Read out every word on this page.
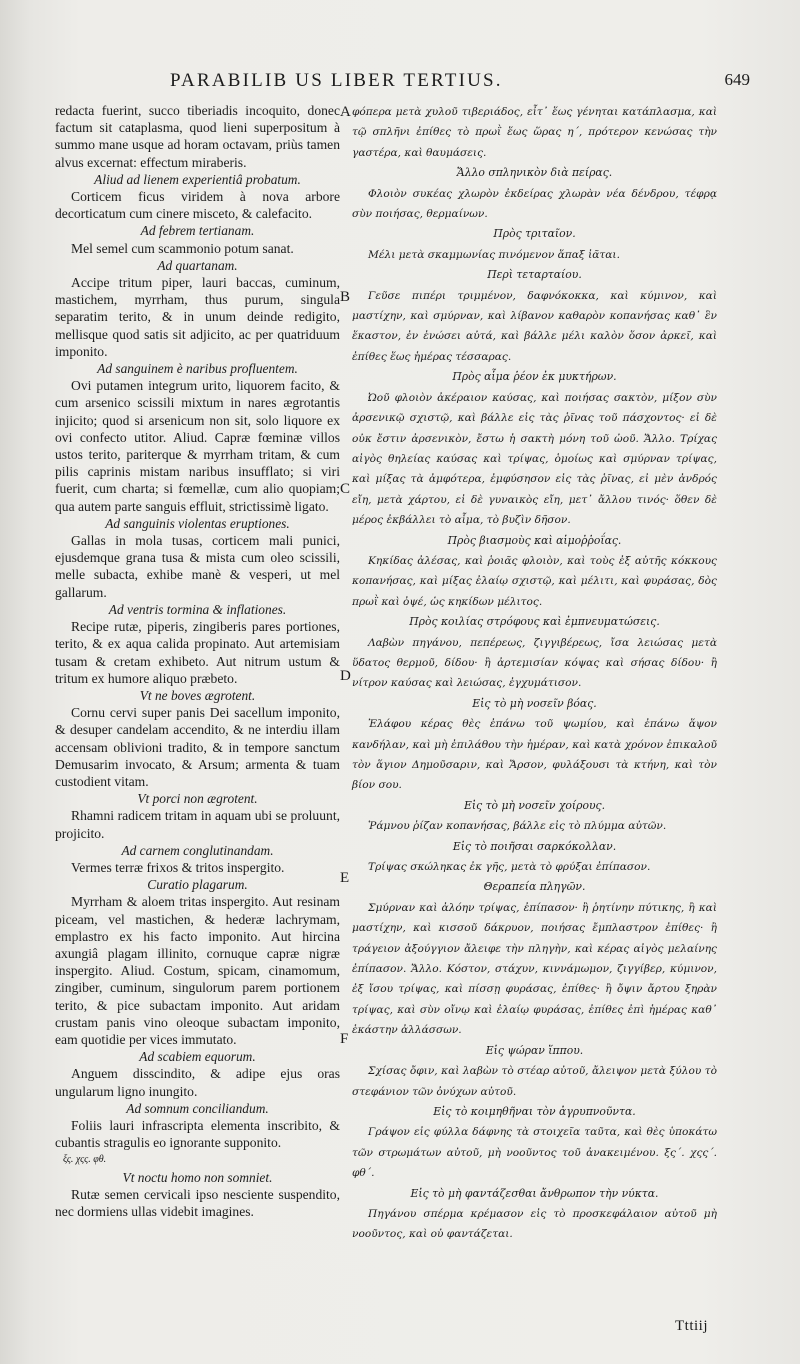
PARABILIB US LIBER TERTIUS.	649
redacta fuerint, succo tiberiadis incoquito, donec factum sit cataplasma, quod lieni superpositum à summo mane usque ad horam octavam, priùs tamen alvus excernat: effectum miraberis.
Aliud ad lienem experientiâ probatum.
Corticem ficus viridem à nova arbore decorticatum cum cinere misceto, & calefacito.
Ad febrem tertianam.
Mel semel cum scammonio potum sanat.
Ad quartanam.
Accipe tritum piper, lauri baccas, cuminum, mastichem, myrrham, thus purum, singula separatim terito, & in unum deinde redigito, mellisque quod satis sit adjicito, ac per quatriduum imponito.
Ad sanguinem è naribus profluentem.
Ovi putamen integrum urito, liquorem facito, & cum arsenico scissili mixtum in nares ægrotantis injicito; quod si arsenicum non sit, solo liquore ex ovi confecto utitor. Aliud. Capræ fœminæ villos ustos terito, pariterque & myrrham tritam, & cum pilis caprinis mistam naribus insufflato; si viri fuerit, cum charta; si fœmellæ, cum alio quopiam; qua autem parte sanguis effluit, strictissimè ligato.
Ad sanguinis violentas eruptiones.
Gallas in mola tusas, corticem mali punici, ejusdemque grana tusa & mista cum oleo scissili, melle subacta, exhibe manè & vesperi, ut mel gallarum.
Ad ventris tormina & inflationes.
Recipe rutæ, piperis, zingiberis pares portiones, terito, & ex aqua calida propinato. Aut artemisiam tusam & cretam exhibeto. Aut nitrum ustum & tritum ex humore aliquo præbeto.
Vt ne boves ægrotent.
Cornu cervi super panis Dei sacellum imponito, & desuper candelam accendito, & ne interdiu illam accensam oblivioni tradito, & in tempore sanctum Demusarim invocato, & Arsum; armenta & tuam custodient vitam.
Vt porci non ægrotent.
Rhamni radicem tritam in aquam ubi se proluunt, projicito.
Ad carnem conglutinandam.
Vermes terræ frixos & tritos inspergito.
Curatio plagarum.
Myrrham & aloem tritas inspergito. Aut resinam piceam, vel mastichen, & hederæ lachrymam, emplastro ex his facto imponito. Aut hircina axungiâ plagam illinito, cornuque capræ nigræ inspergito. Aliud. Costum, spicam, cinamomum, zingiber, cuminum, singulorum parem portionem terito, & pice subactam imponito. Aut aridam crustam panis vino oleoque subactam imponito, eam quotidie per vices immutato.
Ad scabiem equorum.
Anguem disscindito, & adipe ejus oras ungularum ligno inungito.
Ad somnum conciliandum.
Foliis lauri infrascripta elementa inscribito, & cubantis stragulis eo ignorante supponito.
ξς. χςς. φθ.
Vt noctu homo non somniet.
Rutæ semen cervicali ipso nesciente suspendito, nec dormiens ullas videbit imagines.
φόπερα μετὰ χυλοῦ τιβεριάδος, εἶτ᾽ ἕως γένηται κατάπλασμα, καὶ τῷ σπλῆνι ἐπίθες τὸ πρωῒ ἕως ὥρας η΄, πρότερον κενώσας τὴν γαστέρα, καὶ θαυμάσεις.
Ἄλλο σπληνικὸν διὰ πείρας.
Φλοιὸν συκέας χλωρὸν ἐκδείρας χλωρὰν νέα δένδρου, τέφρᾳ σὺν ποιήσας, θερμαίνων.
Πρὸς τριταῖον.
Μέλι μετὰ σκαμμωνίας πινόμενον ἅπαξ ἰᾶται.
Περὶ τεταρταίου.
Γεῦσε πιπέρι τριμμένον, δαφνόκοκκα, καὶ κύμινον, καὶ μαστίχην, καὶ σμύρναν, καὶ λίβανον καθαρὸν κοπανήσας καθ᾽ ἓν ἕκαστον, ἐν ἑνώσει αὐτά, καὶ βάλλε μέλι καλὸν ὅσον ἀρκεῖ, καὶ ἐπίθες ἕως ἡμέρας τέσσαρας.
Πρὸς αἷμα ῥέον ἐκ μυκτήρων.
Ὠοῦ φλοιὸν ἀκέραιον καύσας, καὶ ποιήσας σακτὸν, μίξον σὺν ἀρσενικῷ σχιστῷ, καὶ βάλλε εἰς τὰς ῥῖνας τοῦ πάσχοντος· εἰ δὲ οὐκ ἔστιν ἀρσενικὸν, ἔστω ἡ σακτὴ μόνη τοῦ ὠοῦ. Ἄλλο. Τρίχας αἰγὸς θηλείας καύσας καὶ τρίψας, ὁμοίως καὶ σμύρναν τρίψας, καὶ μίξας τὰ ἀμφότερα, ἐμφύσησον εἰς τὰς ῥῖνας, εἰ μὲν ἀνδρός εἴη, μετὰ χάρτου, εἰ δὲ γυναικὸς εἴη, μετ᾽ ἄλλου τινός· ὅθεν δὲ μέρος ἐκβάλλει τὸ αἷμα, τὸ βυζὶν δῆσον.
Πρὸς βιασμοὺς καὶ αἱμοῤῥοΐας.
Κηκίδας ἀλέσας, καὶ ῥοιᾶς φλοιὸν, καὶ τοὺς ἐξ αὐτῆς κόκκους κοπανήσας, καὶ μίξας ἐλαίῳ σχιστῷ, καὶ μέλιτι, καὶ φυράσας, δὸς πρωῒ καὶ ὀψέ, ὡς κηκίδων μέλιτος.
Πρὸς κοιλίας στρόφους καὶ ἐμπνευματώσεις.
Λαβὼν πηγάνου, πεπέρεως, ζιγγιβέρεως, ἴσα λειώσας μετὰ ὕδατος θερμοῦ, δίδου· ἢ ἀρτεμισίαν κόψας καὶ σήσας δίδου· ἢ νίτρον καύσας καὶ λειώσας, ἐγχυμάτισον.
Εἰς τὸ μὴ νοσεῖν βόας.
Ἐλάφου κέρας θὲς ἐπάνω τοῦ ψωμίου, καὶ ἐπάνω ἅψον κανδήλαν, καὶ μὴ ἐπιλάθου τὴν ἡμέραν, καὶ κατὰ χρόνον ἐπικαλοῦ τὸν ἅγιον Δημοῦσαριν, καὶ Ἄρσον, φυλάξουσι τὰ κτήνη, καὶ τὸν βίον σου.
Εἰς τὸ μὴ νοσεῖν χοίρους.
Ῥάμνου ῥίζαν κοπανήσας, βάλλε εἰς τὸ πλύμμα αὐτῶν.
Εἰς τὸ ποιῆσαι σαρκόκολλαν.
Τρίψας σκώληκας ἐκ γῆς, μετὰ τὸ φρύξαι ἐπίπασον.
Θεραπεία πληγῶν.
Σμύρναν καὶ ἀλόην τρίψας, ἐπίπασον· ἢ ῥητίνην πύτικης, ἢ καὶ μαστίχην, καὶ κισσοῦ δάκρυον, ποιήσας ἔμπλαστρον ἐπίθες· ἢ τράγειον ἀξούγγιον ἄλειφε τὴν πληγὴν, καὶ κέρας αἰγὸς μελαίνης ἐπίπασον. Ἄλλο. Κόστον, στάχυν, κιννάμωμον, ζιγγίβερ, κύμινον, ἐξ ἴσου τρίψας, καὶ πίσσῃ φυράσας, ἐπίθες· ἢ ὄψιν ἄρτου ξηρὰν τρίψας, καὶ σὺν οἴνῳ καὶ ἐλαίῳ φυράσας, ἐπίθες ἐπὶ ἡμέρας καθ᾽ ἑκάστην ἀλλάσσων.
Εἰς ψώραν ἵππου.
Σχίσας ὄφιν, καὶ λαβὼν τὸ στέαρ αὐτοῦ, ἄλειψον μετὰ ξύλου τὸ στεφάνιον τῶν ὀνύχων αὐτοῦ.
Εἰς τὸ κοιμηθῆναι τὸν ἀγρυπνοῦντα.
Γράψον εἰς φύλλα δάφνης τὰ στοιχεῖα ταῦτα, καὶ θὲς ὑποκάτω τῶν στρωμάτων αὐτοῦ, μὴ νοοῦντος τοῦ ἀνακειμένου. ξς΄. χςς΄. φθ΄.
Εἰς τὸ μὴ φαντάζεσθαι ἄνθρωπον τὴν νύκτα.
Πηγάνου σπέρμα κρέμασον εἰς τὸ προσκεφάλαιον αὐτοῦ μὴ νοοῦντος, καὶ οὐ φαντάζεται.
A
B
C
D
E
F
Tttiij
